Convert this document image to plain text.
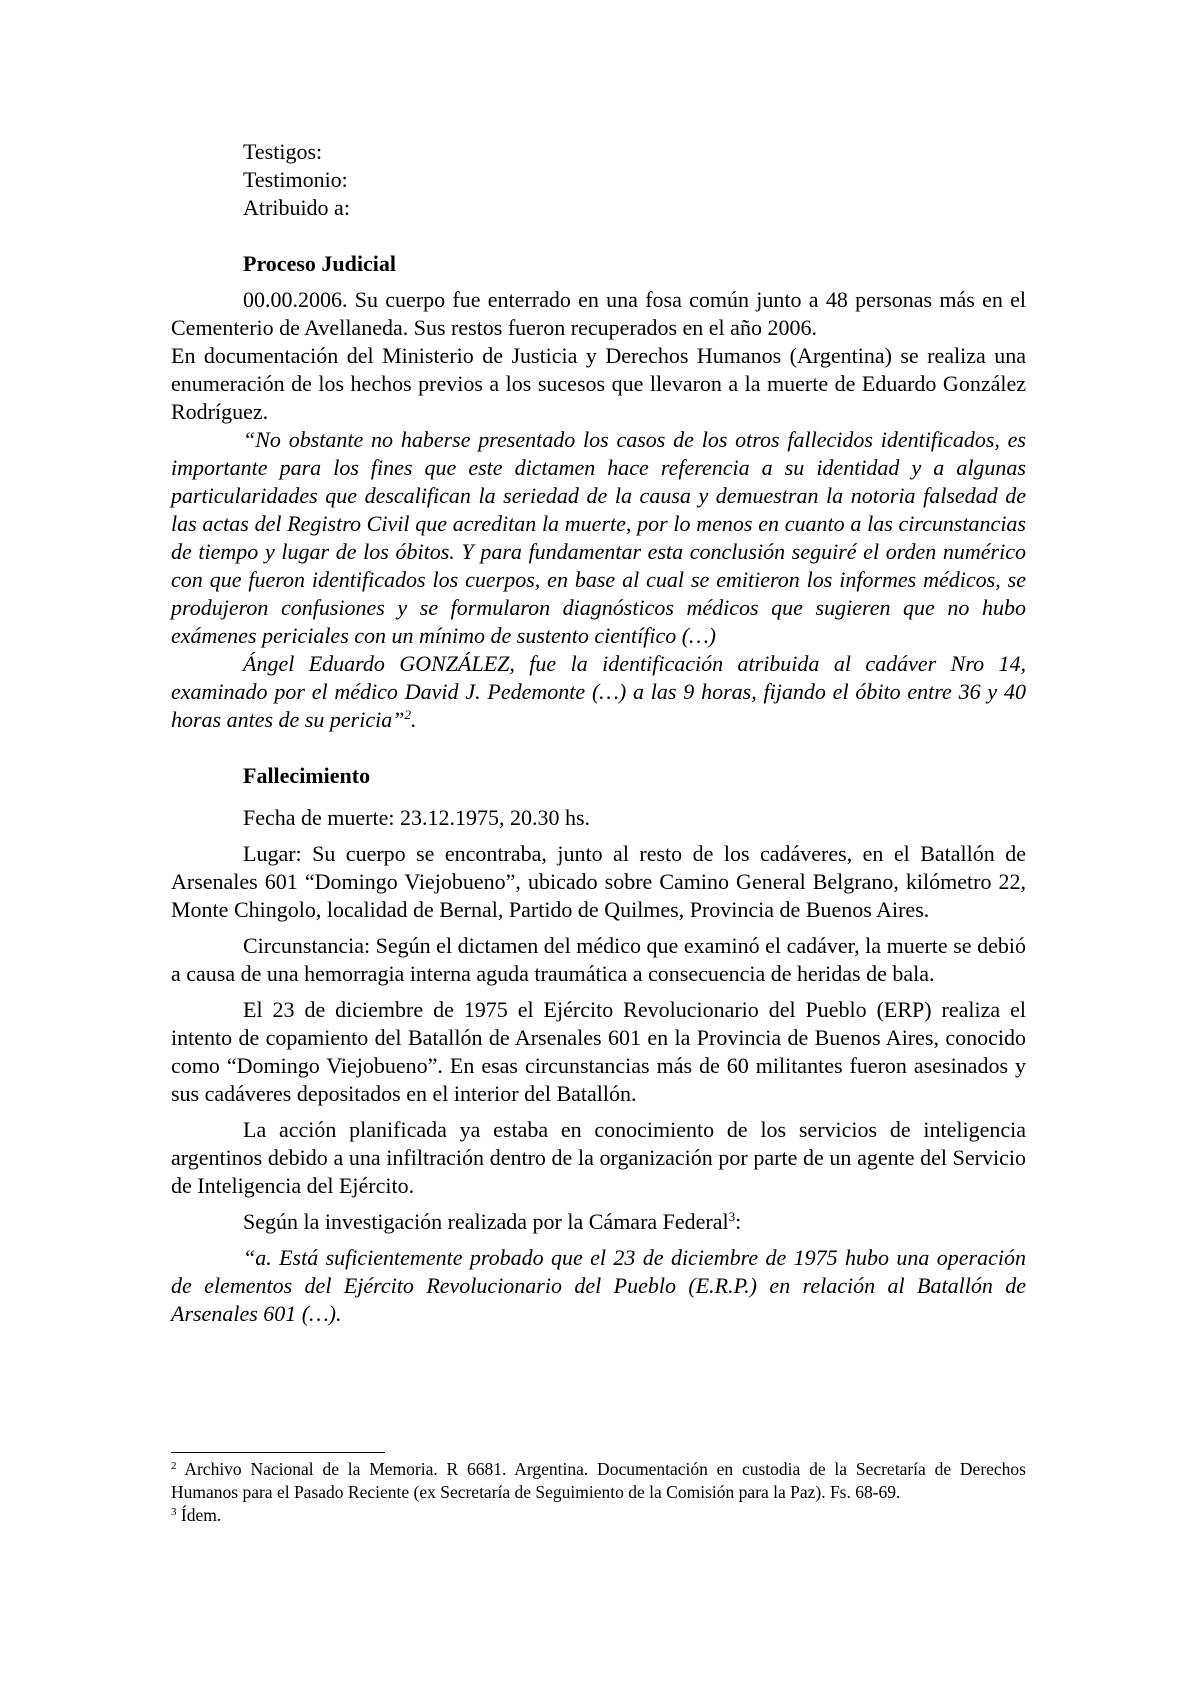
Testigos:
Testimonio:
Atribuido a:
Proceso Judicial

00.00.2006. Su cuerpo fue enterrado en una fosa común junto a 48 personas más en el Cementerio de Avellaneda. Sus restos fueron recuperados en el año 2006.

En documentación del Ministerio de Justicia y Derechos Humanos (Argentina) se realiza una enumeración de los hechos previos a los sucesos que llevaron a la muerte de Eduardo González Rodríguez.

“No obstante no haberse presentado los casos de los otros fallecidos identificados, es importante para los fines que este dictamen hace referencia a su identidad y a algunas particularidades que descalifican la seriedad de la causa y demuestran la notoria falsedad de las actas del Registro Civil que acreditan la muerte, por lo menos en cuanto a las circunstancias de tiempo y lugar de los óbitos. Y para fundamentar esta conclusión seguiré el orden numérico con que fueron identificados los cuerpos, en base al cual se emitieron los informes médicos, se produjeron confusiones y se formularon diagnósticos médicos que sugieren que no hubo exámenes periciales con un mínimo de sustento científico (…)

Ángel Eduardo GONZÁLEZ, fue la identificación atribuida al cadáver Nro 14, examinado por el médico David J. Pedemonte (…) a las 9 horas, fijando el óbito entre 36 y 40 horas antes de su pericia”$^2$.

Fallecimiento

Fecha de muerte: 23.12.1975, 20.30 hs.

Lugar: Su cuerpo se encontraba, junto al resto de los cadáveres, en el Batallón de Arsenales 601 “Domingo Viejobueno”, ubicado sobre Camino General Belgrano, kilómetro 22, Monte Chingolo, localidad de Bernal, Partido de Quilmes, Provincia de Buenos Aires.

Circunstancia: Según el dictamen del médico que examinó el cadáver, la muerte se debió a causa de una hemorragia interna aguda traumática a consecuencia de heridas de bala.

El 23 de diciembre de 1975 el Ejército Revolucionario del Pueblo (ERP) realiza el intento de copamiento del Batallón de Arsenales 601 en la Provincia de Buenos Aires, conocido como “Domingo Viejobueno”. En esas circunstancias más de 60 militantes fueron asesinados y sus cadáveres depositados en el interior del Batallón.

La acción planificada ya estaba en conocimiento de los servicios de inteligencia argentinos debido a una infiltración dentro de la organización por parte de un agente del Servicio de Inteligencia del Ejército.

Según la investigación realizada por la Cámara Federal$^3$:

“a. Está suficientemente probado que el 23 de diciembre de 1975 hubo una operación de elementos del Ejército Revolucionario del Pueblo (E.R.P.) en relación al Batallón de Arsenales 601 (…).

$^2$ Archivo Nacional de la Memoria. R 6681. Argentina. Documentación en custodia de la Secretaría de Derechos Humanos para el Pasado Reciente (ex Secretaría de Seguimiento de la Comisión para la Paz). Fs. 68-69.

$^3$ Ídem.
